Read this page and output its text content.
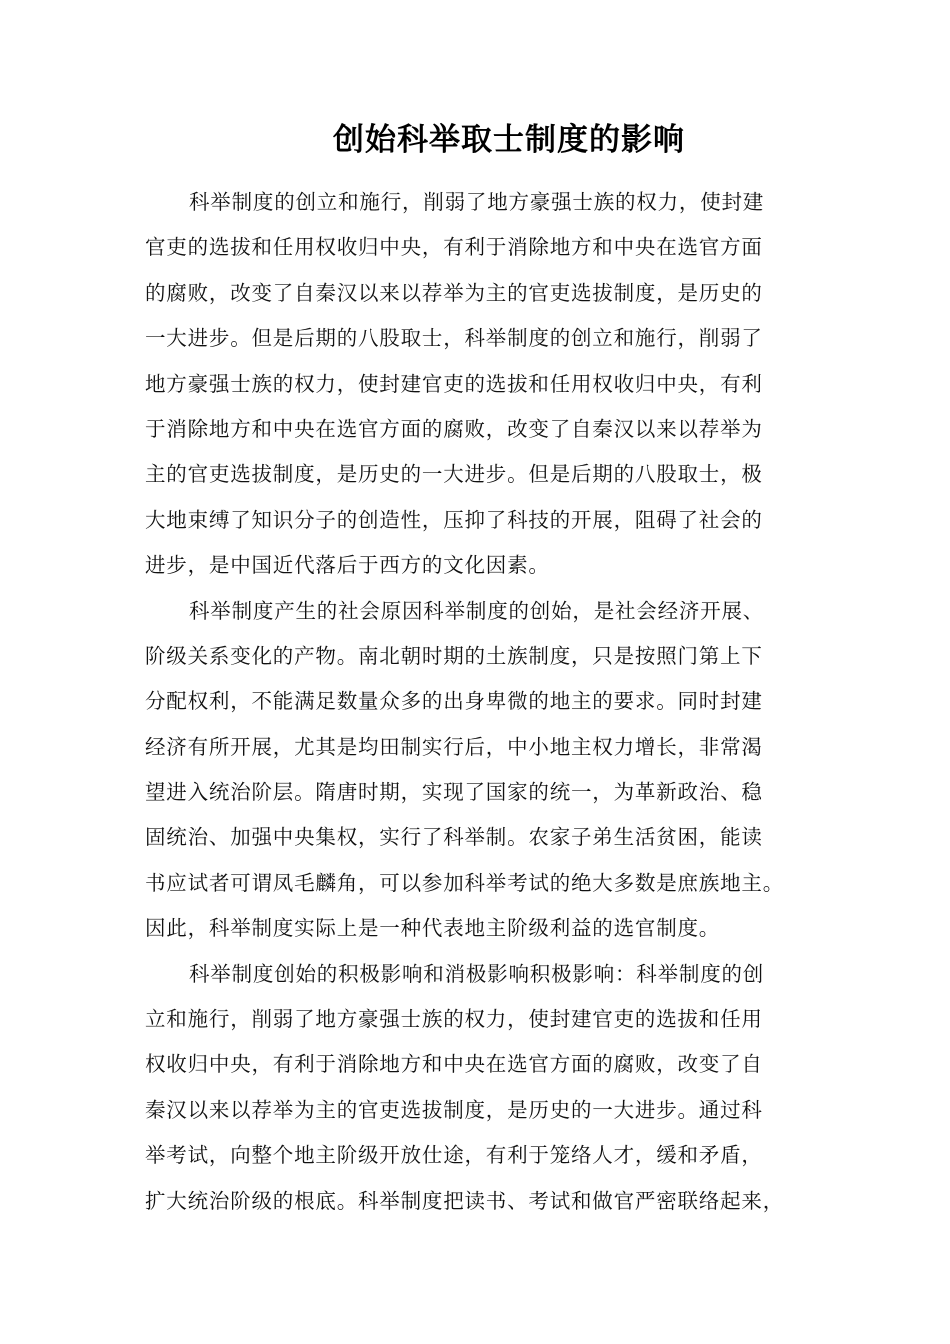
创始科举取士制度的影响
科举制度的创立和施行，削弱了地方豪强士族的权力，使封建
官吏的选拔和任用权收归中央，有利于消除地方和中央在选官方面
的腐败，改变了自秦汉以来以荐举为主的官吏选拔制度，是历史的
一大进步。但是后期的八股取士，科举制度的创立和施行，削弱了
地方豪强士族的权力，使封建官吏的选拔和任用权收归中央，有利
于消除地方和中央在选官方面的腐败，改变了自秦汉以来以荐举为
主的官吏选拔制度，是历史的一大进步。但是后期的八股取士，极
大地束缚了知识分子的创造性，压抑了科技的开展，阻碍了社会的
进步，是中国近代落后于西方的文化因素。
科举制度产生的社会原因科举制度的创始，是社会经济开展、
阶级关系变化的产物。南北朝时期的土族制度，只是按照门第上下
分配权利，不能满足数量众多的出身卑微的地主的要求。同时封建
经济有所开展，尤其是均田制实行后，中小地主权力增长，非常渴
望进入统治阶层。隋唐时期，实现了国家的统一，为革新政治、稳
固统治、加强中央集权，实行了科举制。农家子弟生活贫困，能读
书应试者可谓凤毛麟角，可以参加科举考试的绝大多数是庶族地主。
因此，科举制度实际上是一种代表地主阶级利益的选官制度。
科举制度创始的积极影响和消极影响积极影响：科举制度的创
立和施行，削弱了地方豪强士族的权力，使封建官吏的选拔和任用
权收归中央，有利于消除地方和中央在选官方面的腐败，改变了自
秦汉以来以荐举为主的官吏选拔制度，是历史的一大进步。通过科
举考试，向整个地主阶级开放仕途，有利于笼络人才，缓和矛盾，
扩大统治阶级的根底。科举制度把读书、考试和做官严密联络起来，
